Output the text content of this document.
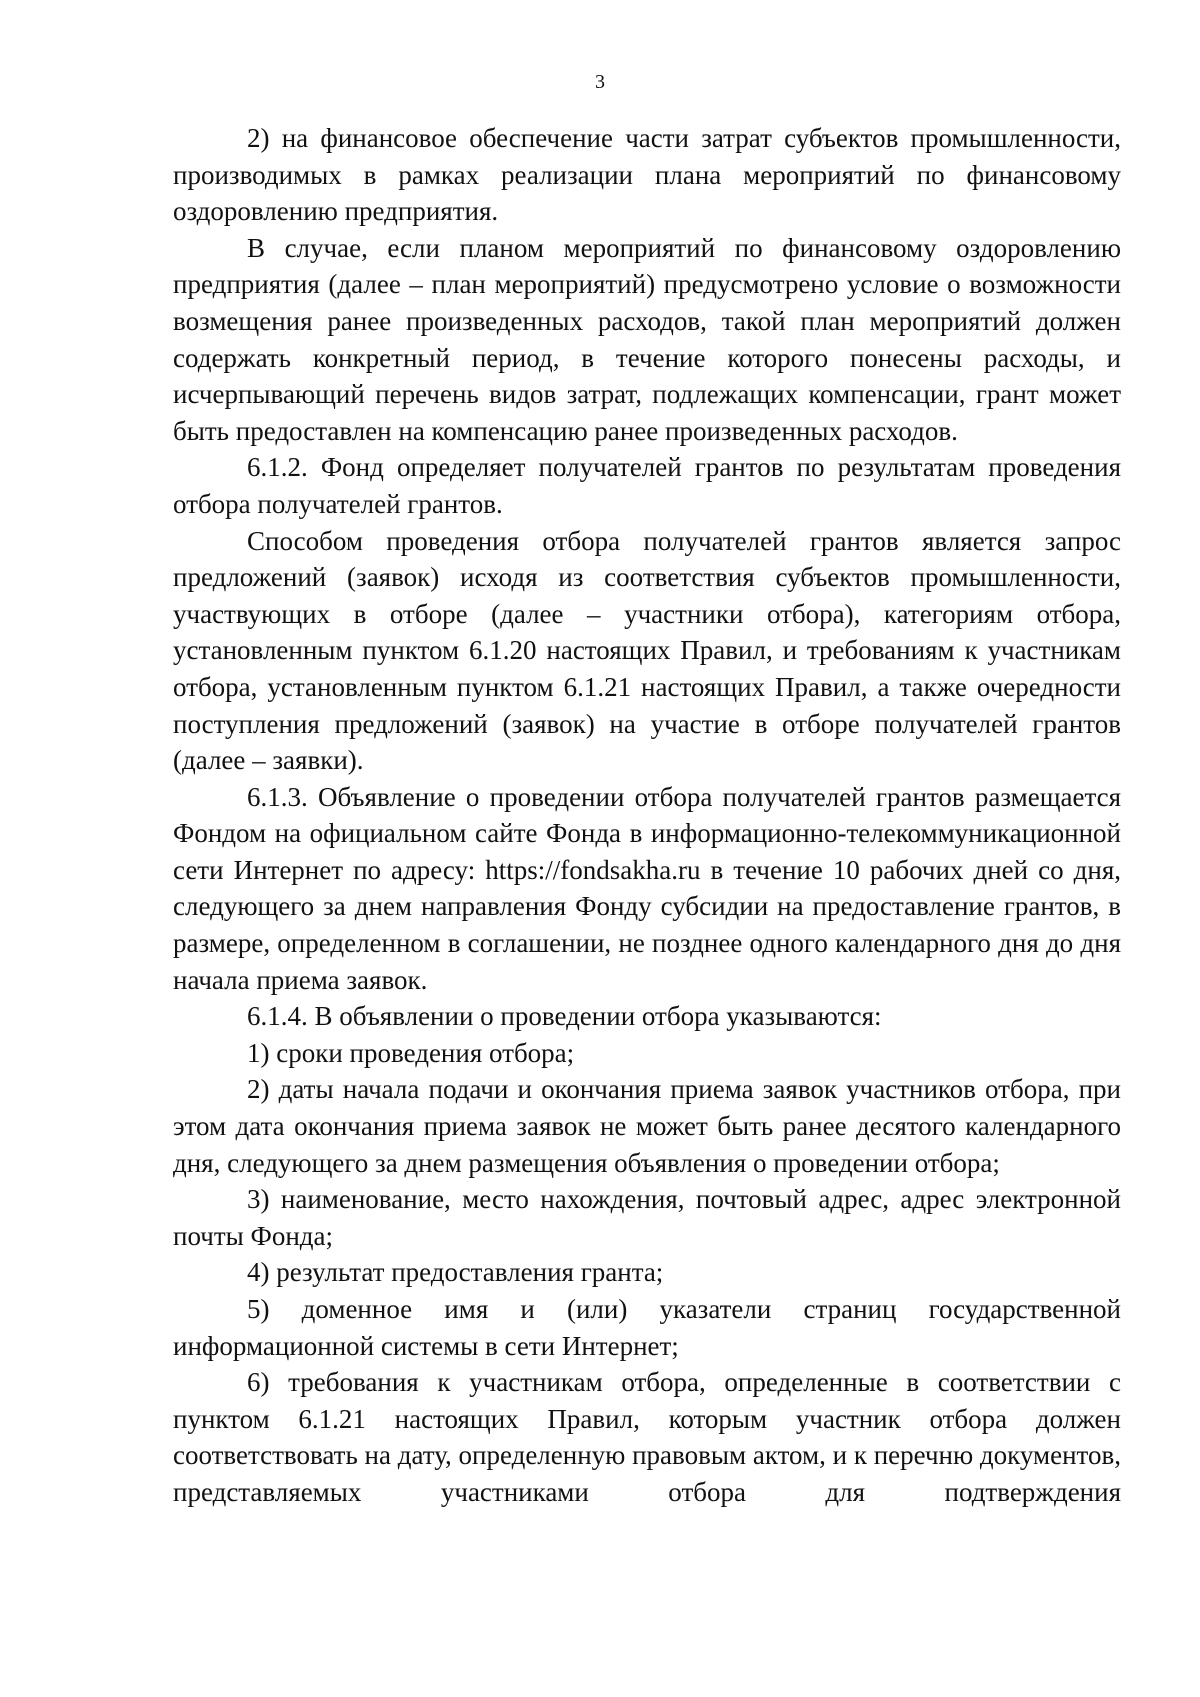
3

2) на финансовое обеспечение части затрат субъектов промышленности, производимых в рамках реализации плана мероприятий по финансовому оздоровлению предприятия.

В случае, если планом мероприятий по финансовому оздоровлению предприятия (далее – план мероприятий) предусмотрено условие о возможности возмещения ранее произведенных расходов, такой план мероприятий должен содержать конкретный период, в течение которого понесены расходы, и исчерпывающий перечень видов затрат, подлежащих компенсации, грант может быть предоставлен на компенсацию ранее произведенных расходов.

6.1.2. Фонд определяет получателей грантов по результатам проведения отбора получателей грантов.

Способом проведения отбора получателей грантов является запрос предложений (заявок) исходя из соответствия субъектов промышленности, участвующих в отборе (далее – участники отбора), категориям отбора, установленным пунктом 6.1.20 настоящих Правил, и требованиям к участникам отбора, установленным пунктом 6.1.21 настоящих Правил, а также очередности поступления предложений (заявок) на участие в отборе получателей грантов (далее – заявки).

6.1.3. Объявление о проведении отбора получателей грантов размещается Фондом на официальном сайте Фонда в информационно-телекоммуникационной сети Интернет по адресу: https://fondsakha.ru в течение 10 рабочих дней со дня, следующего за днем направления Фонду субсидии на предоставление грантов, в размере, определенном в соглашении, не позднее одного календарного дня до дня начала приема заявок.

6.1.4. В объявлении о проведении отбора указываются:

1) сроки проведения отбора;

2) даты начала подачи и окончания приема заявок участников отбора, при этом дата окончания приема заявок не может быть ранее десятого календарного дня, следующего за днем размещения объявления о проведении отбора;

3) наименование, место нахождения, почтовый адрес, адрес электронной почты Фонда;

4) результат предоставления гранта;

5) доменное имя и (или) указатели страниц государственной информационной системы в сети Интернет;

6) требования к участникам отбора, определенные в соответствии с пунктом 6.1.21 настоящих Правил, которым участник отбора должен соответствовать на дату, определенную правовым актом, и к перечню документов, представляемых участниками отбора для подтверждения
